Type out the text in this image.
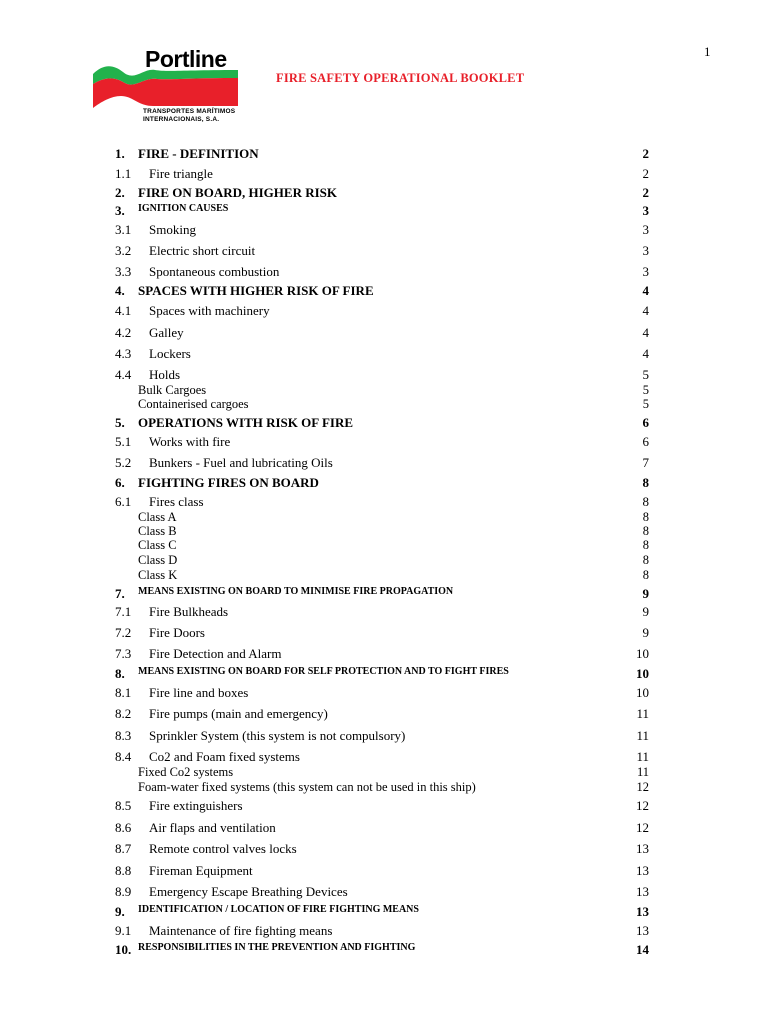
1
Portline
TRANSPORTES MARÍTIMOS
INTERNACIONAIS, S.A.
FIRE SAFETY OPERATIONAL BOOKLET
1. FIRE - DEFINITION	2
1.1 Fire triangle	2
2. FIRE ON BOARD, HIGHER RISK	2
3. IGNITION CAUSES	3
3.1 Smoking	3
3.2 Electric short circuit	3
3.3 Spontaneous combustion	3
4. SPACES WITH HIGHER RISK OF FIRE	4
4.1 Spaces with machinery	4
4.2 Galley	4
4.3 Lockers	4
4.4 Holds	5
Bulk Cargoes	5
Containerised cargoes	5
5. OPERATIONS WITH RISK OF FIRE	6
5.1 Works with fire	6
5.2 Bunkers - Fuel and lubricating Oils	7
6. FIGHTING FIRES ON BOARD	8
6.1 Fires class	8
Class A	8
Class B	8
Class C	8
Class D	8
Class K	8
7. MEANS EXISTING ON BOARD TO MINIMISE FIRE PROPAGATION	9
7.1 Fire Bulkheads	9
7.2 Fire Doors	9
7.3 Fire Detection and Alarm	10
8. MEANS EXISTING ON BOARD FOR SELF PROTECTION AND TO FIGHT FIRES	10
8.1 Fire line and boxes	10
8.2 Fire pumps (main and emergency)	11
8.3 Sprinkler System (this system is not compulsory)	11
8.4 Co2 and Foam fixed systems	11
Fixed Co2 systems	11
Foam-water fixed systems (this system can not be used in this ship)	12
8.5 Fire extinguishers	12
8.6 Air flaps and ventilation	12
8.7 Remote control valves locks	13
8.8 Fireman Equipment	13
8.9 Emergency Escape Breathing Devices	13
9. IDENTIFICATION / LOCATION OF FIRE FIGHTING MEANS	13
9.1 Maintenance of fire fighting means	13
10. RESPONSIBILITIES IN THE PREVENTION AND FIGHTING	14
